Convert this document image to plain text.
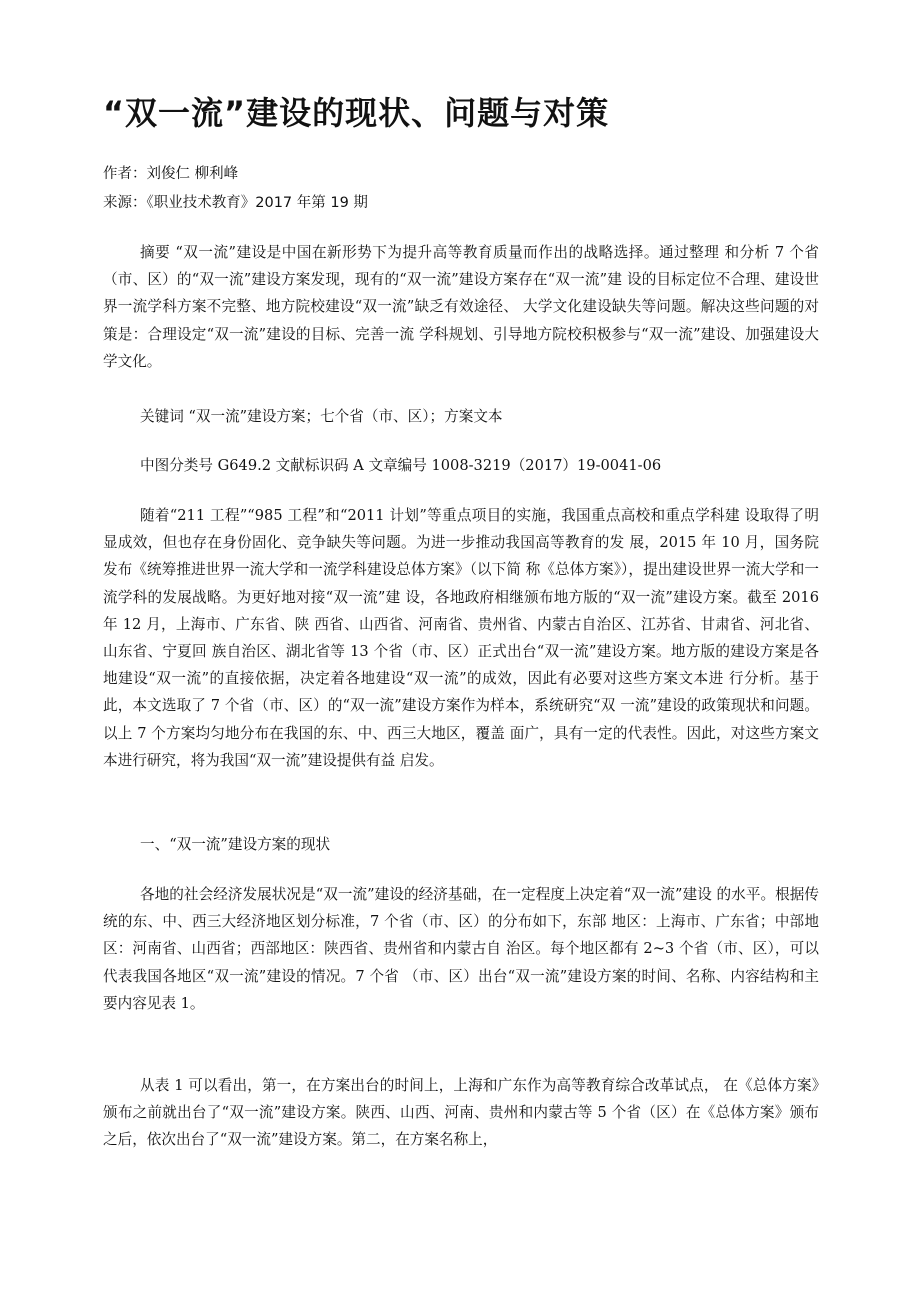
“双一流”建设的现状、问题与对策
作者：刘俊仁 柳利峰
来源：《职业技术教育》2017 年第 19 期

摘要 “双一流”建设是中国在新形势下为提升高等教育质量而作出的战略选择。通过整理 和分析 7 个省（市、区）的“双一流”建设方案发现，现有的“双一流”建设方案存在“双一流”建 设的目标定位不合理、建设世界一流学科方案不完整、地方院校建设“双一流”缺乏有效途径、 大学文化建设缺失等问题。解决这些问题的对策是：合理设定“双一流”建设的目标、完善一流 学科规划、引导地方院校积极参与“双一流”建设、加强建设大学文化。

关键词 “双一流”建设方案；七个省（市、区）；方案文本

中图分类号 G649.2 文献标识码 A 文章编号 1008-3219（2017）19-0041-06

随着“211 工程”“985 工程”和“2011 计划”等重点项目的实施，我国重点高校和重点学科建 设取得了明显成效，但也存在身份固化、竞争缺失等问题。为进一步推动我国高等教育的发 展，2015 年 10 月，国务院发布《统筹推进世界一流大学和一流学科建设总体方案》（以下简 称《总体方案》），提出建设世界一流大学和一流学科的发展战略。为更好地对接“双一流”建 设，各地政府相继颁布地方版的“双一流”建设方案。截至 2016 年 12 月，上海市、广东省、陕 西省、山西省、河南省、贵州省、内蒙古自治区、江苏省、甘肃省、河北省、山东省、宁夏回 族自治区、湖北省等 13 个省（市、区）正式出台“双一流”建设方案。地方版的建设方案是各 地建设“双一流”的直接依据，决定着各地建设“双一流”的成效，因此有必要对这些方案文本进 行分析。基于此，本文选取了 7 个省（市、区）的“双一流”建设方案作为样本，系统研究“双 一流”建设的政策现状和问题。以上 7 个方案均匀地分布在我国的东、中、西三大地区，覆盖 面广，具有一定的代表性。因此，对这些方案文本进行研究，将为我国“双一流”建设提供有益 启发。

一、“双一流”建设方案的现状

各地的社会经济发展状况是“双一流”建设的经济基础，在一定程度上决定着“双一流”建设 的水平。根据传统的东、中、西三大经济地区划分标准，7 个省（市、区）的分布如下，东部 地区：上海市、广东省；中部地区：河南省、山西省；西部地区：陕西省、贵州省和内蒙古自 治区。每个地区都有 2~3 个省（市、区），可以代表我国各地区“双一流”建设的情况。7 个省 （市、区）出台“双一流”建设方案的时间、名称、内容结构和主要内容见表 1。

从表 1 可以看出，第一，在方案出台的时间上，上海和广东作为高等教育综合改革试点， 在《总体方案》颁布之前就出台了“双一流”建设方案。陕西、山西、河南、贵州和内蒙古等 5 个省（区）在《总体方案》颁布之后，依次出台了“双一流”建设方案。第二，在方案名称上，
